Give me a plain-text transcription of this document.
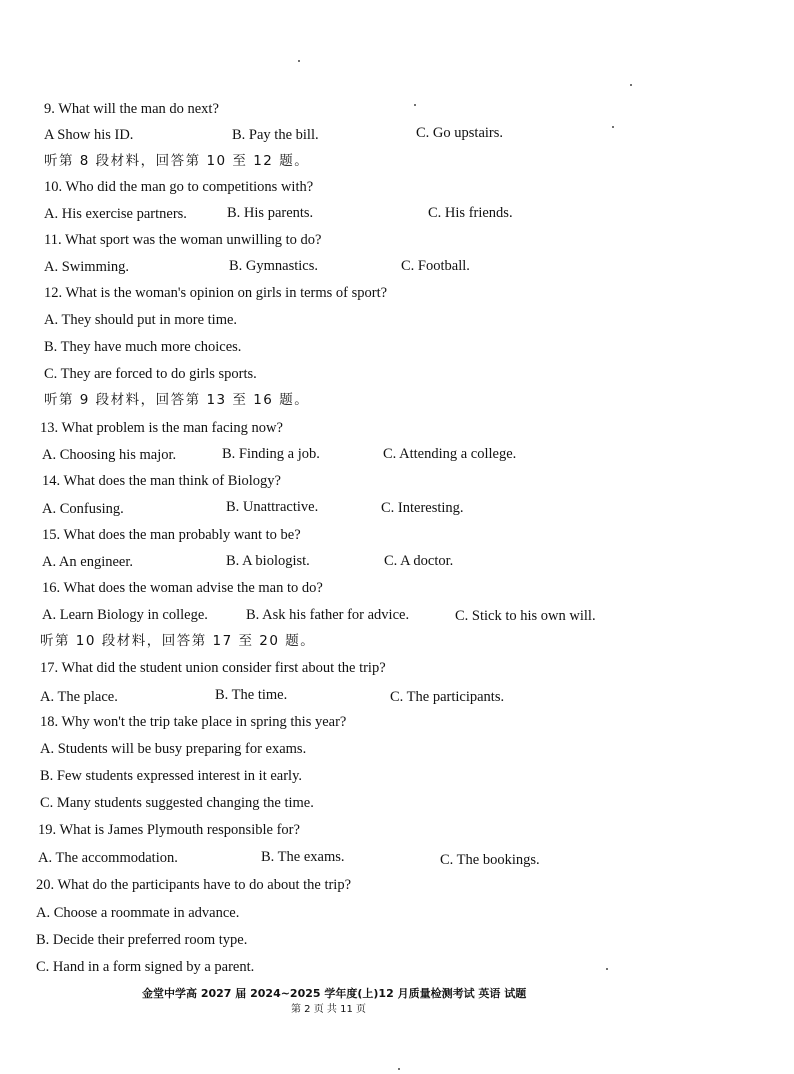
9. What will the man do next?
A Show his ID.	B. Pay the bill.	C. Go upstairs.
听第 8 段材料，回答第 10 至 12 题。
10. Who did the man go to competitions with?
A. His exercise partners.	B. His parents.	C. His friends.
11. What sport was the woman unwilling to do?
A. Swimming.	B. Gymnastics.	C. Football.
12. What is the woman's opinion on girls in terms of sport?
A. They should put in more time.
B. They have much more choices.
C. They are forced to do girls sports.
听第 9 段材料，回答第 13 至 16 题。
13. What problem is the man facing now?
A. Choosing his major.	B. Finding a job.	C. Attending a college.
14. What does the man think of Biology?
A. Confusing.	B. Unattractive.	C. Interesting.
15. What does the man probably want to be?
A. An engineer.	B. A biologist.	C. A doctor.
16. What does the woman advise the man to do?
A. Learn Biology in college.	B. Ask his father for advice.	C. Stick to his own will.
听第 10 段材料，回答第 17 至 20 题。
17. What did the student union consider first about the trip?
A. The place.	B. The time.	C. The participants.
18. Why won't the trip take place in spring this year?
A. Students will be busy preparing for exams.
B. Few students expressed interest in it early.
C. Many students suggested changing the time.
19. What is James Plymouth responsible for?
A. The accommodation.	B. The exams.	C. The bookings.
20. What do the participants have to do about the trip?
A. Choose a roommate in advance.
B. Decide their preferred room type.
C. Hand in a form signed by a parent.
金堂中学高 2027 届 2024~2025 学年度(上)12 月质量检测考试 英语 试题
第 2 页 共 11 页
